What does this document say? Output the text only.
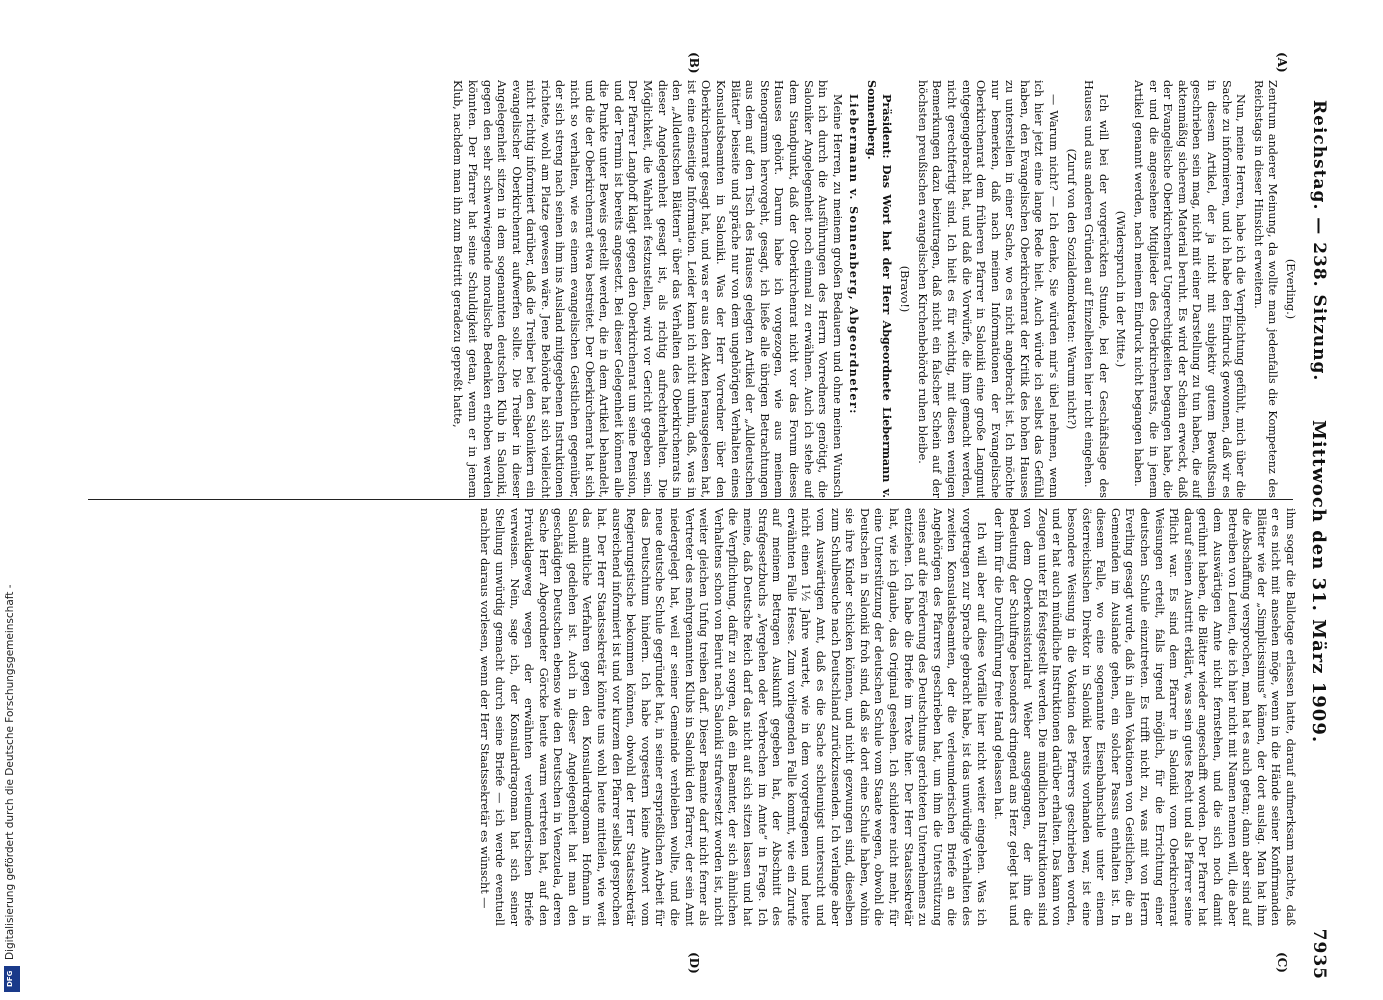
Reichstag. — 238. Sitzung.
Mittwoch den 31. März 1909.
7935
(A)
(B)
(C)
(D)

(Everling.)

Zentrum anderer Meinung, da wollte man jedenfalls die Kompetenz des Reichstags in dieser Hinsicht erweitern.

Nun, meine Herren, habe ich die Verpflichtung gefühlt, mich über die Sache zu informieren, und ich habe den Eindruck gewonnen, daß wir es in diesem Artikel, der ja nicht mit subjektiv gutem Bewußtsein geschrieben sein mag, nicht mit einer Darstellung zu tun haben, die auf aktenmäßig sicherem Material beruht. Es wird der Schein erweckt, daß der Evangelische Oberkirchenrat Ungerechtigkeiten begangen habe, die er und die angesehene Mitglieder des Oberkirchenrats, die in jenem Artikel genannt werden, nach meinem Eindruck nicht begangen haben.

(Widerspruch in der Mitte.)

Ich will bei der vorgerückten Stunde, bei der Geschäftslage des Hauses und aus anderen Gründen auf Einzelheiten hier nicht eingehen.

(Zuruf von den Sozialdemokraten: Warum nicht?)

— Warum nicht? — Ich denke, Sie würden mir's übel nehmen, wenn ich hier jetzt eine lange Rede hielt. Auch würde ich selbst das Gefühl haben, den Evangelischen Oberkirchenrat der Kritik des hohen Hauses zu unterstellen in einer Sache, wo es nicht angebracht ist. Ich möchte nur bemerken, daß nach meinen Informationen der Evangelische Oberkirchenrat dem früheren Pfarrer in Saloniki eine große Langmut entgegengebracht hat, und daß die Vorwürfe, die ihm gemacht werden, nicht gerechtfertigt sind. Ich hielt es für wichtig, mit diesen wenigen Bemerkungen dazu beizutragen, daß nicht ein falscher Schein auf der höchsten preußischen evangelischen Kirchenbehörde ruhen bleibe.

(Bravo!)

Präsident: Das Wort hat der Herr Abgeordnete Liebermann v. Sonnenberg.

Liebermann v. Sonnenberg, Abgeordneter:

Meine Herren, zu meinem großen Bedauern und ohne meinen Wunsch bin ich durch die Ausführungen des Herrn Vorredners genötigt, die Saloniker Angelegenheit noch einmal zu erwähnen. Auch ich stehe auf dem Standpunkt, daß der Oberkirchenrat nicht vor das Forum dieses Hauses gehört. Darum habe ich vorgezogen, wie aus meinem Stenogramm hervorgeht, gesagt, ich ließe alle übrigen Betrachtungen aus dem auf den Tisch des Hauses gelegten Artikel der „Alldeutschen Blätter“ beiseite und spräche nur von dem ungehörigen Verhalten eines Konsulatsbeamten in Saloniki. Was der Herr Vorredner über den Oberkirchenrat gesagt hat, und was er aus den Akten herausgelesen hat, ist eine einseitige Information. Leider kann ich nicht umhin, daß, was in den „Alldeutschen Blättern“ über das Verhalten des Oberkirchenrats in dieser Angelegenheit gesagt ist, als richtig aufrechterhalten. Die Möglichkeit, die Wahrheit festzustellen, wird vor Gericht gegeben sein. Der Pfarrer Langhoff klagt gegen den Oberkirchenrat um seine Pension, und der Termin ist bereits angesetzt. Bei dieser Gelegenheit können alle die Punkte unter Beweis gestellt werden, die in dem Artikel behandelt, und die der Oberkirchenrat etwa bestreitet. Der Oberkirchenrat hat sich nicht so verhalten, wie es einem evangelischen Geistlichen gegenüber, der sich streng nach seinen ihm ins Ausland mitgegebenen Instruktionen richtete, wohl am Platze gewesen wäre. Jene Behörde hat sich vielleicht nicht richtig informiert darüber, daß die Treiber bei den Salonikern ein evangelischer Oberkirchenrat aufwerfen sollte. Die Treiber in dieser Angelegenheit sitzen in dem sogenannten deutschen Klub in Saloniki, gegen den sehr schwerwiegende moralische Bedenken erhoben werden könnten. Der Pfarrer hat seine Schuldigkeit getan, wenn er in jenem Klub, nachdem man ihn zum Beitritt geradezu gepreßt hatte,

ihm sogar die Ballotage erlassen hatte, darauf aufmerksam machte, daß er es nicht mit ansehen möge, wenn in die Hände seiner Konfirmanden Blätter wie der „Simplicissimus“ kämen, der dort auslag. Man hat ihm die Abschaffung versprochen, man hat es auch getan; dann aber sind auf Betreiben von Leuten, die ich hier nicht mit Namen nennen will, die aber dem Auswärtigen Amte nicht fernstehen, und die sich noch damit gerühmt haben, die Blätter wieder angeschafft worden. Der Pfarrer hat darauf seinen Austritt erklärt, was sein gutes Recht und als Pfarrer seine Pflicht war. Es sind dem Pfarrer in Saloniki vom Oberkirchenrat Weisungen erteilt, falls irgend möglich, für die Errichtung einer deutschen Schule einzutreten. Es trifft nicht zu, was mit von Herrn Everling gesagt wurde, daß in allen Vokationen von Geistlichen, die an Gemeinden im Auslande gehen, ein solcher Passus enthalten ist. In diesem Falle, wo eine sogenannte Eisenbahnschule unter einem österreichischen Direktor in Saloniki bereits vorhanden war, ist eine besondere Weisung in die Vokation des Pfarrers geschrieben worden, und er hat auch mündliche Instruktionen darüber erhalten. Das kann von Zeugen unter Eid festgestellt werden. Die mündlichen Instruktionen sind von dem Oberkonsistorialrat Weber ausgegangen, der ihm die Bedeutung der Schulfrage besonders dringend ans Herz gelegt hat und der ihm für die Durchführung freie Hand gelassen hat.

Ich will aber auf diese Vorfälle hier nicht weiter eingehen. Was ich vorgetragen zur Sprache gebracht habe, ist das unwürdige Verhalten des zweiten Konsulatsbeamten, der die verleumderischen Briefe an die Angehörigen des Pfarrers geschrieben hat, um ihm die Unterstützung seines auf die Förderung des Deutschtums gerichteten Unternehmens zu entziehen. Ich habe die Briefe im Texte hier. Der Herr Staatssekretär hat, wie ich glaube, das Original gesehen. Ich schildere nicht mehr, für eine Unterstützung der deutschen Schule vom Staate wegen, obwohl die Deutschen in Saloniki froh sind, daß sie dort eine Schule haben, wohin sie ihre Kinder schicken können, und nicht gezwungen sind, dieselben zum Schulbesuche nach Deutschland zurückzusenden. Ich verlange aber vom Auswärtigen Amt, daß es die Sache schleunigst untersucht und nicht einen 1½ Jahre wartet, wie in dem vorgetragenen und heute erwähnten Falle Hesse. Zum vorliegenden Falle kommt, wie ein Zurufe auf meinem Betragen Auskunft gegeben hat, der Abschnitt des Strafgesetzbuchs „Vergehen oder Verbrechen im Amte“ in Frage. Ich meine, daß Deutsche Reich darf das nicht auf sich sitzen lassen und hat die Verpflichtung, dafür zu sorgen, daß ein Beamter, der sich ähnlichen Verhaltens schon von Beirut nach Saloniki strafversetzt worden ist, nicht weiter gleichen Unfug treiben darf. Dieser Beamte darf nicht ferner als Vertreter des mehrgenannten Klubs in Saloniki den Pfarrer, der sein Amt niedergelegt hat, weil er seiner Gemeinde verbleiben wollte, und die neue deutsche Schule gegründet hat, in seiner ersprießlichen Arbeit für das Deutschtum hindern. Ich habe vorgestern keine Antwort vom Regierungstische bekommen können, obwohl der Herr Staatssekretär ausreichend informiert ist und vor kurzem den Pfarrer selbst gesprochen hat. Der Herr Staatssekretär könnte uns wohl heute mitteilen, wie weit das amtliche Verfahren gegen den Konsulardragoman Hofmann in Saloniki gediehen ist. Auch in dieser Angelegenheit hat man den geschädigten Deutschen ebenso wie den Deutschen in Venezuela, deren Sache Herr Abgeordneter Görcke heute warm vertreten hat, auf den Privatklageweg wegen der erwähnten verleumderischen Briefe verweisen. Nein, sage ich, der Konsulardragoman hat sich seiner Stellung unwürdig gemacht durch seine Briefe — ich werde eventuell nachher daraus vorlesen, wenn der Herr Staatssekretär es wünscht —

Digitalisierung gefördert durch die Deutsche Forschungsgemeinschaft -
DFG
